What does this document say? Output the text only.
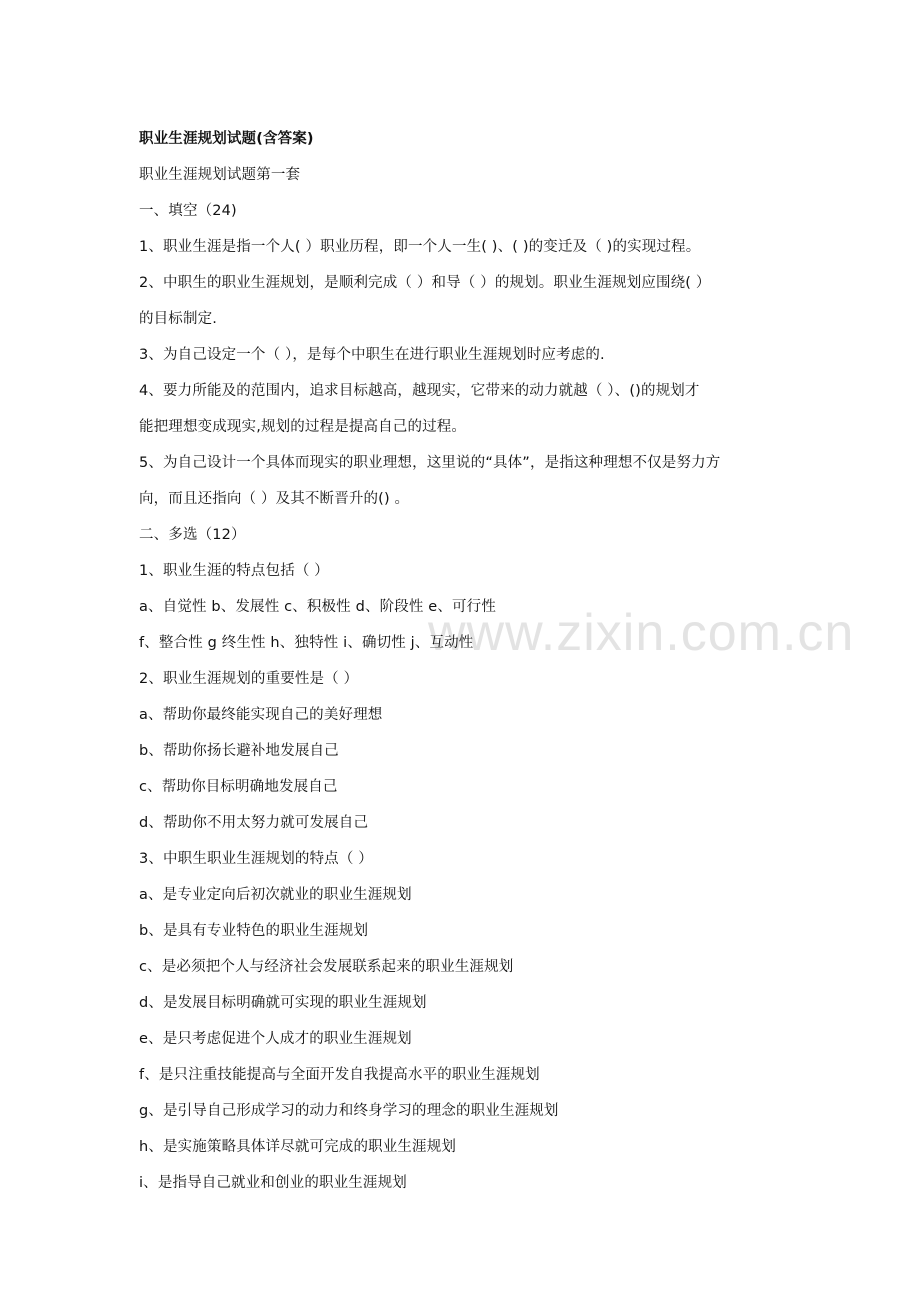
www.zixin.com.cn
职业生涯规划试题(含答案)
职业生涯规划试题第一套
一、填空（24)
1、职业生涯是指一个人( ）职业历程，即一个人一生( )、( )的变迁及（ )的实现过程。
2、中职生的职业生涯规划，是顺利完成（ ）和导（ ）的规划。职业生涯规划应围绕( ）
的目标制定.
3、为自己设定一个（ ），是每个中职生在进行职业生涯规划时应考虑的.
4、要力所能及的范围内，追求目标越高，越现实，它带来的动力就越（ ）、()的规划才
能把理想变成现实,规划的过程是提高自己的过程。
5、为自己设计一个具体而现实的职业理想，这里说的“具体”，是指这种理想不仅是努力方
向，而且还指向（ ）及其不断晋升的() 。
二、多选（12）
1、职业生涯的特点包括（ ）
a、自觉性 b、发展性 c、积极性 d、阶段性 e、可行性
f、整合性 g 终生性 h、独特性 i、确切性 j、互动性
2、职业生涯规划的重要性是（ ）
a、帮助你最终能实现自己的美好理想
b、帮助你扬长避补地发展自己
c、帮助你目标明确地发展自己
d、帮助你不用太努力就可发展自己
3、中职生职业生涯规划的特点（ ）
a、是专业定向后初次就业的职业生涯规划
b、是具有专业特色的职业生涯规划
c、是必须把个人与经济社会发展联系起来的职业生涯规划
d、是发展目标明确就可实现的职业生涯规划
e、是只考虑促进个人成才的职业生涯规划
f、是只注重技能提高与全面开发自我提高水平的职业生涯规划
g、是引导自己形成学习的动力和终身学习的理念的职业生涯规划
h、是实施策略具体详尽就可完成的职业生涯规划
i、是指导自己就业和创业的职业生涯规划
